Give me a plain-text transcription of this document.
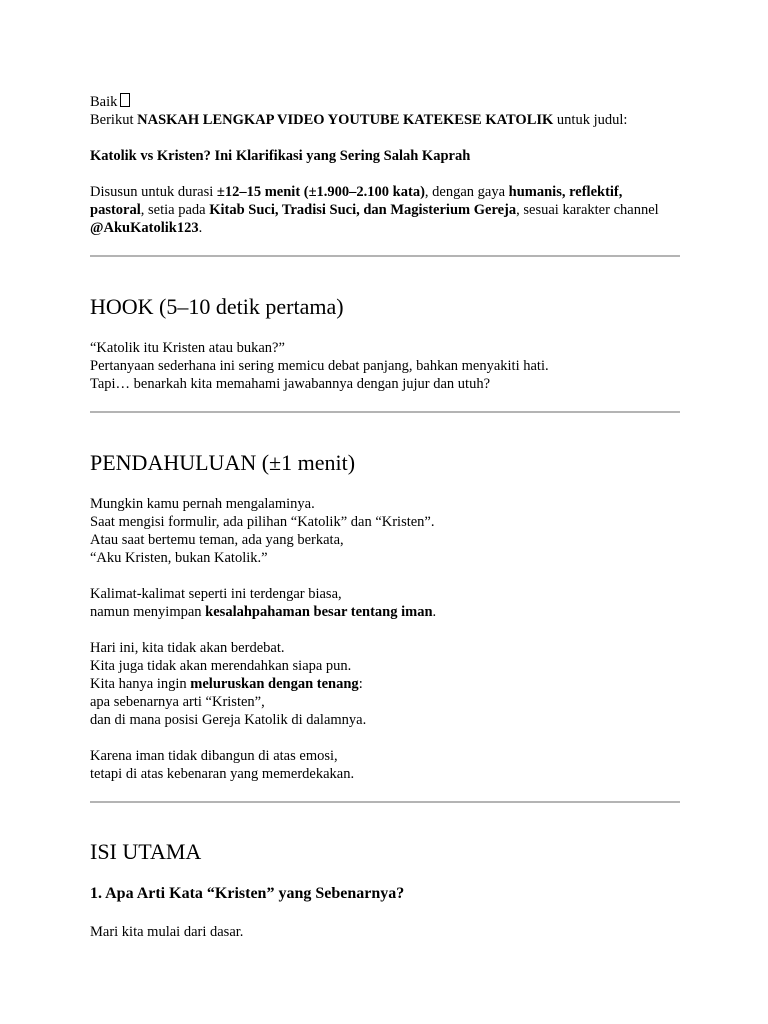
Baik

Berikut NASKAH LENGKAP VIDEO YOUTUBE KATEKESE KATOLIK untuk judul:

Katolik vs Kristen? Ini Klarifikasi yang Sering Salah Kaprah

Disusun untuk durasi ±12–15 menit (±1.900–2.100 kata), dengan gaya humanis, reflektif, pastoral, setia pada Kitab Suci, Tradisi Suci, dan Magisterium Gereja, sesuai karakter channel @AkuKatolik123.

HOOK (5–10 detik pertama)

“Katolik itu Kristen atau bukan?”

Pertanyaan sederhana ini sering memicu debat panjang, bahkan menyakiti hati.

Tapi… benarkah kita memahami jawabannya dengan jujur dan utuh?

PENDAHULUAN (±1 menit)

Mungkin kamu pernah mengalaminya.

Saat mengisi formulir, ada pilihan “Katolik” dan “Kristen”.

Atau saat bertemu teman, ada yang berkata,

“Aku Kristen, bukan Katolik.”

Kalimat-kalimat seperti ini terdengar biasa,

namun menyimpan kesalahpahaman besar tentang iman.

Hari ini, kita tidak akan berdebat.

Kita juga tidak akan merendahkan siapa pun.

Kita hanya ingin meluruskan dengan tenang:

apa sebenarnya arti “Kristen”,

dan di mana posisi Gereja Katolik di dalamnya.

Karena iman tidak dibangun di atas emosi,

tetapi di atas kebenaran yang memerdekakan.

ISI UTAMA
1. Apa Arti Kata “Kristen” yang Sebenarnya?

Mari kita mulai dari dasar.
